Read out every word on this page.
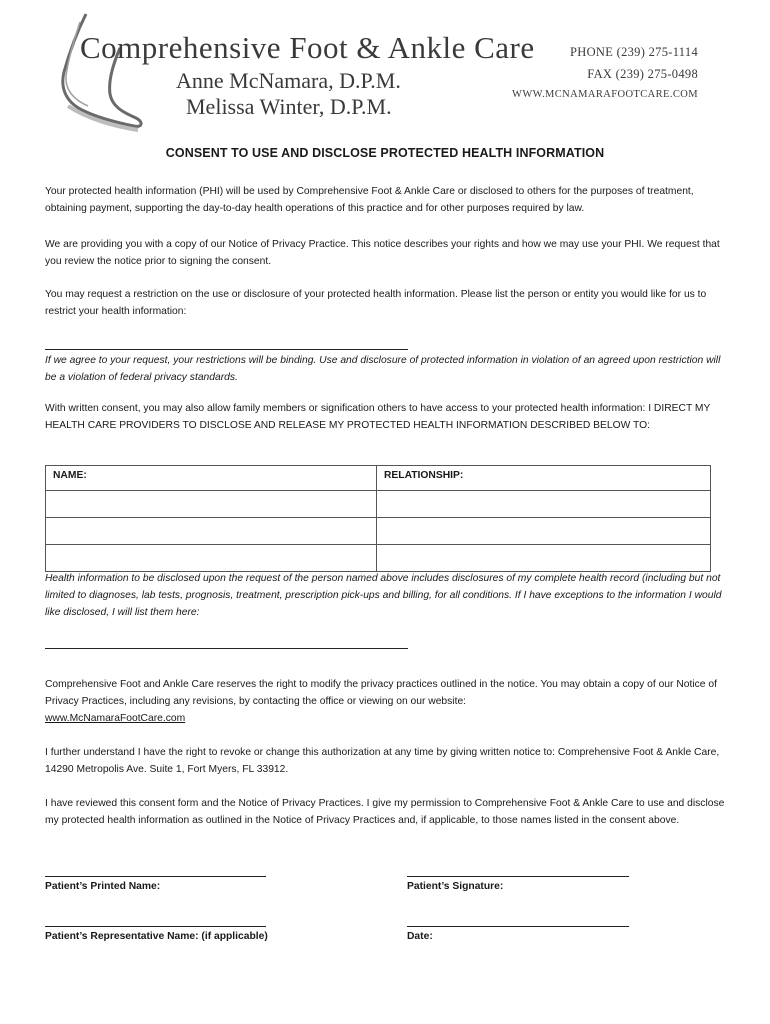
Comprehensive Foot & Ankle Care
Anne McNamara, D.P.M.
Melissa Winter, D.P.M.
PHONE (239) 275-1114
FAX (239) 275-0498
WWW.MCNAMARAFOOTCARE.COM
CONSENT TO USE AND DISCLOSE PROTECTED HEALTH INFORMATION

Your protected health information (PHI) will be used by Comprehensive Foot & Ankle Care or disclosed to others for the purposes of treatment, obtaining payment, supporting the day-to-day health operations of this practice and for other purposes required by law.

We are providing you with a copy of our Notice of Privacy Practice. This notice describes your rights and how we may use your PHI. We request that you review the notice prior to signing the consent.

You may request a restriction on the use or disclosure of your protected health information. Please list the person or entity you would like for us to restrict your health information:

If we agree to your request, your restrictions will be binding. Use and disclosure of protected information in violation of an agreed upon restriction will be a violation of federal privacy standards.

With written consent, you may also allow family members or signification others to have access to your protected health information: I DIRECT MY HEALTH CARE PROVIDERS TO DISCLOSE AND RELEASE MY PROTECTED HEALTH INFORMATION DESCRIBED BELOW TO:

NAME:	RELATIONSHIP:

Health information to be disclosed upon the request of the person named above includes disclosures of my complete health record (including but not limited to diagnoses, lab tests, prognosis, treatment, prescription pick-ups and billing, for all conditions. If I have exceptions to the information I would like disclosed, I will list them here:

Comprehensive Foot and Ankle Care reserves the right to modify the privacy practices outlined in the notice. You may obtain a copy of our Notice of Privacy Practices, including any revisions, by contacting the office or viewing on our website:
www.McNamaraFootCare.com

I further understand I have the right to revoke or change this authorization at any time by giving written notice to: Comprehensive Foot & Ankle Care, 14290 Metropolis Ave. Suite 1, Fort Myers, FL 33912.

I have reviewed this consent form and the Notice of Privacy Practices. I give my permission to Comprehensive Foot & Ankle Care to use and disclose my protected health information as outlined in the Notice of Privacy Practices and, if applicable, to those names listed in the consent above.

Patient’s Printed Name:	Patient’s Signature:
Patient’s Representative Name: (if applicable)	Date:
